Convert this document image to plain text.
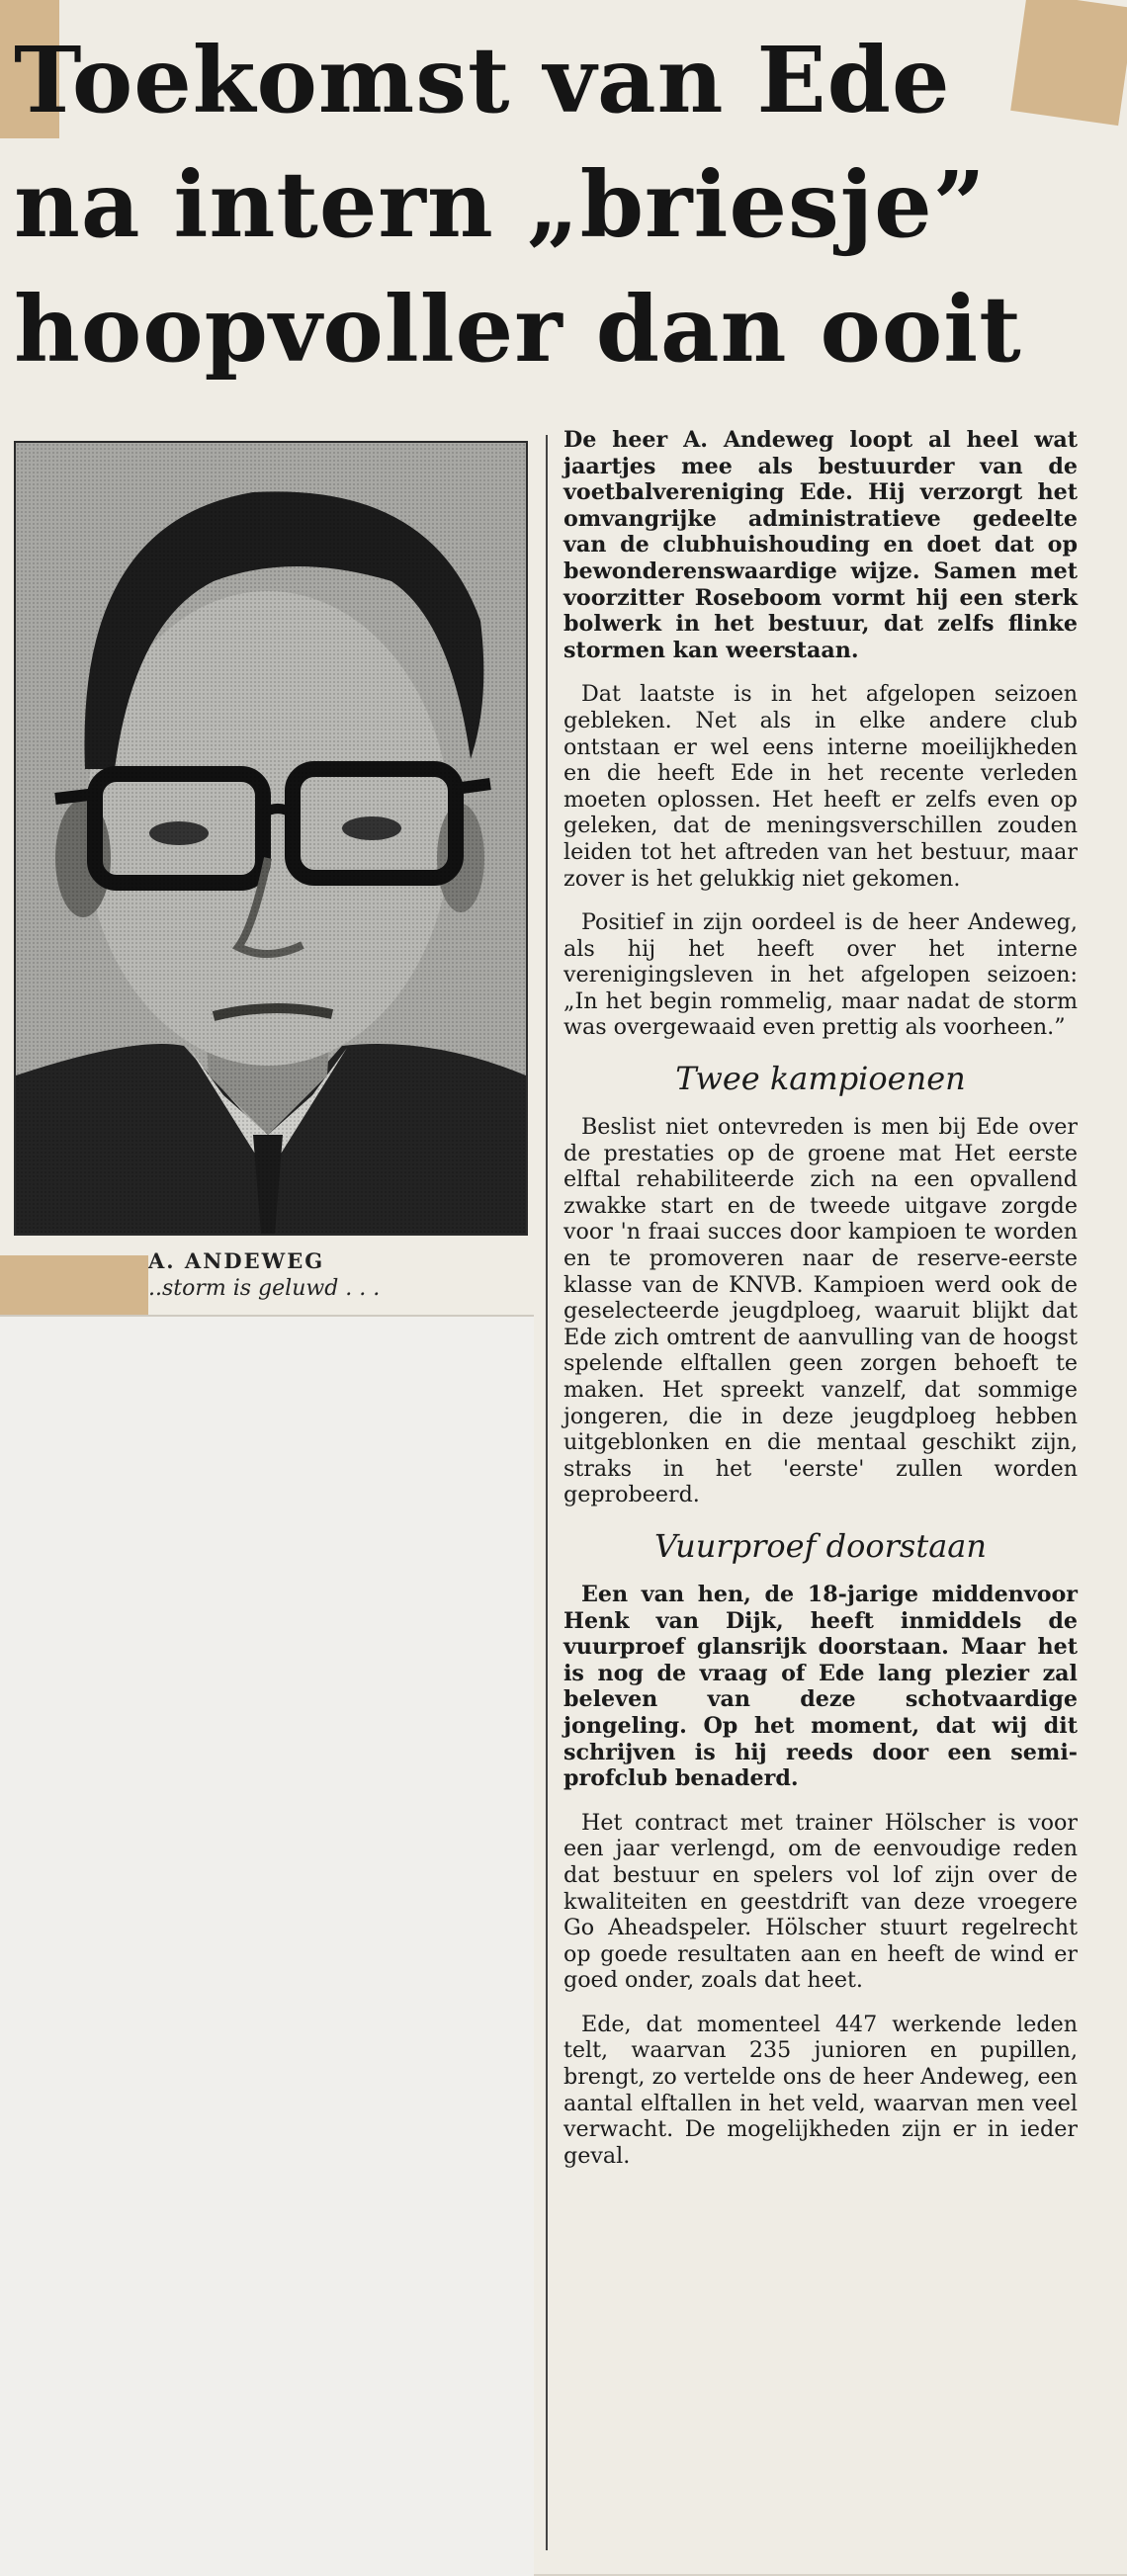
Toekomst van Ede
na intern „briesje”
hoopvoller dan ooit
A. ANDEWEG
..storm is geluwd . . .

De heer A. Andeweg loopt al heel wat jaartjes mee als bestuurder van de voetbalvereniging Ede. Hij verzorgt het omvangrijke administratieve gedeelte van de clubhuishouding en doet dat op bewonderenswaardige wijze. Samen met voorzitter Roseboom vormt hij een sterk bolwerk in het bestuur, dat zelfs flinke stormen kan weerstaan.

Dat laatste is in het afgelopen seizoen gebleken. Net als in elke andere club ontstaan er wel eens interne moeilijkheden en die heeft Ede in het recente verleden moeten oplossen. Het heeft er zelfs even op geleken, dat de meningsverschillen zouden leiden tot het aftreden van het bestuur, maar zover is het gelukkig niet gekomen.

Positief in zijn oordeel is de heer Andeweg, als hij het heeft over het interne verenigingsleven in het afgelopen seizoen: „In het begin rommelig, maar nadat de storm was overgewaaid even prettig als voorheen.”

Twee kampioenen

Beslist niet ontevreden is men bij Ede over de prestaties op de groene mat Het eerste elftal rehabiliteerde zich na een opvallend zwakke start en de tweede uitgave zorgde voor 'n fraai succes door kampioen te worden en te promoveren naar de reserve-eerste klasse van de KNVB. Kampioen werd ook de geselecteerde jeugdploeg, waaruit blijkt dat Ede zich omtrent de aanvulling van de hoogst spelende elftallen geen zorgen behoeft te maken. Het spreekt vanzelf, dat sommige jongeren, die in deze jeugdploeg hebben uitgeblonken en die mentaal geschikt zijn, straks in het 'eerste' zullen worden geprobeerd.

Vuurproef doorstaan

Een van hen, de 18-jarige middenvoor Henk van Dijk, heeft inmiddels de vuurproef glansrijk doorstaan. Maar het is nog de vraag of Ede lang plezier zal beleven van deze schotvaardige jongeling. Op het moment, dat wij dit schrijven is hij reeds door een semi-profclub benaderd.

Het contract met trainer Hölscher is voor een jaar verlengd, om de eenvoudige reden dat bestuur en spelers vol lof zijn over de kwaliteiten en geestdrift van deze vroegere Go Aheadspeler. Hölscher stuurt regelrecht op goede resultaten aan en heeft de wind er goed onder, zoals dat heet.

Ede, dat momenteel 447 werkende leden telt, waarvan 235 junioren en pupillen, brengt, zo vertelde ons de heer Andeweg, een aantal elftallen in het veld, waarvan men veel verwacht. De mogelijkheden zijn er in ieder geval.
